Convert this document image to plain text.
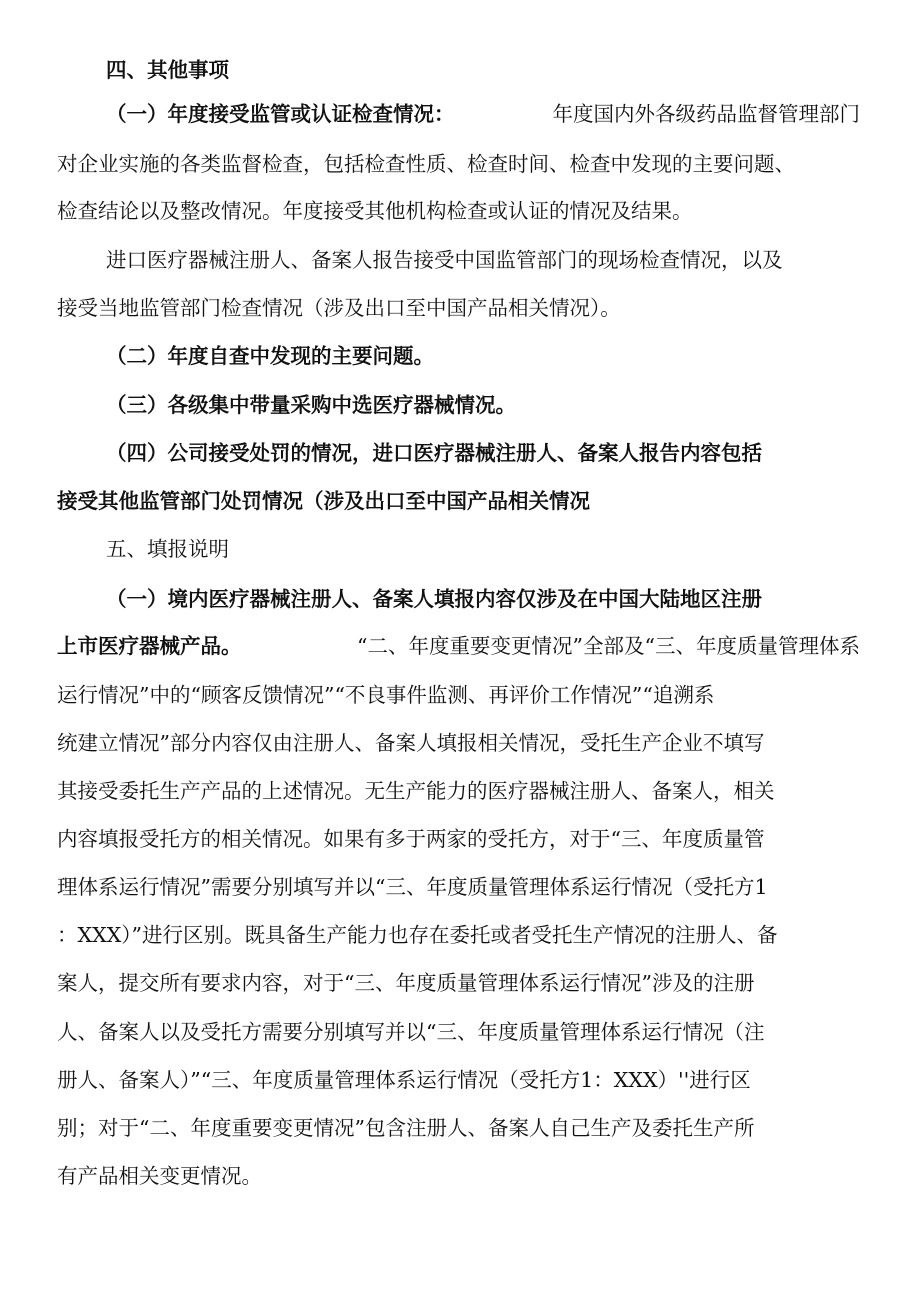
四、其他事项
（一）年度接受监管或认证检查情况：	年度国内外各级药品监督管理部门
对企业实施的各类监督检查，包括检查性质、检查时间、检查中发现的主要问题、
检查结论以及整改情况。年度接受其他机构检查或认证的情况及结果。
进口医疗器械注册人、备案人报告接受中国监管部门的现场检查情况，以及
接受当地监管部门检查情况（涉及出口至中国产品相关情况）。
（二）年度自查中发现的主要问题。
（三）各级集中带量采购中选医疗器械情况。
（四）公司接受处罚的情况，进口医疗器械注册人、备案人报告内容包括
接受其他监管部门处罚情况（涉及出口至中国产品相关情况
五、填报说明
（一）境内医疗器械注册人、备案人填报内容仅涉及在中国大陆地区注册
上市医疗器械产品。	“二、年度重要变更情况”全部及“三、年度质量管理体系
运行情况”中的“顾客反馈情况”“不良事件监测、再评价工作情况”“追溯系
统建立情况”部分内容仅由注册人、备案人填报相关情况，受托生产企业不填写
其接受委托生产产品的上述情况。无生产能力的医疗器械注册人、备案人，相关
内容填报受托方的相关情况。如果有多于两家的受托方，对于“三、年度质量管
理体系运行情况”需要分别填写并以“三、年度质量管理体系运行情况（受托方1
：XXX）”进行区别。既具备生产能力也存在委托或者受托生产情况的注册人、备
案人，提交所有要求内容，对于“三、年度质量管理体系运行情况”涉及的注册
人、备案人以及受托方需要分别填写并以“三、年度质量管理体系运行情况（注
册人、备案人）”“三、年度质量管理体系运行情况（受托方1：XXX）''进行区
别；对于“二、年度重要变更情况”包含注册人、备案人自己生产及委托生产所
有产品相关变更情况。
